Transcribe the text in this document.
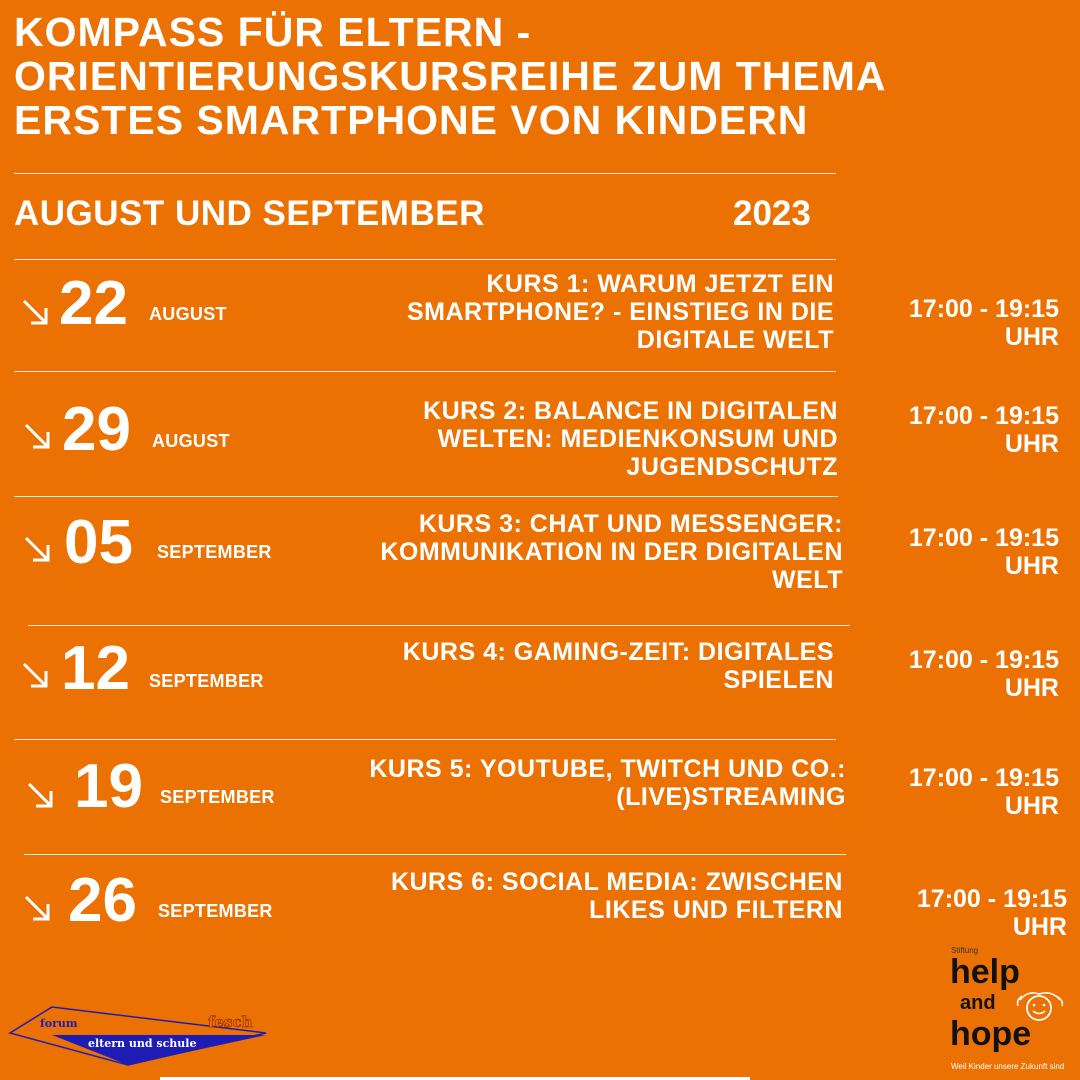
KOMPASS FÜR ELTERN -
ORIENTIERUNGSKURSREIHE ZUM THEMA
ERSTES SMARTPHONE VON KINDERN
AUGUST UND SEPTEMBER	2023
22 AUGUST
KURS 1: WARUM JETZT EIN
SMARTPHONE? - EINSTIEG IN DIE
DIGITALE WELT
17:00 - 19:15
UHR
29 AUGUST
KURS 2: BALANCE IN DIGITALEN
WELTEN: MEDIENKONSUM UND
JUGENDSCHUTZ
17:00 - 19:15
UHR
05 SEPTEMBER
KURS 3: CHAT UND MESSENGER:
KOMMUNIKATION IN DER DIGITALEN
WELT
17:00 - 19:15
UHR
12 SEPTEMBER
KURS 4: GAMING-ZEIT: DIGITALES
SPIELEN
17:00 - 19:15
UHR
19 SEPTEMBER
KURS 5: YOUTUBE, TWITCH UND CO.:
(LIVE)STREAMING
17:00 - 19:15
UHR
26 SEPTEMBER
KURS 6: SOCIAL MEDIA: ZWISCHEN
LIKES UND FILTERN	17:00 - 19:15
UHR
forum
eltern und schule
fesch
Stiftung
help
and
hope
Weil Kinder unsere Zukunft sind
